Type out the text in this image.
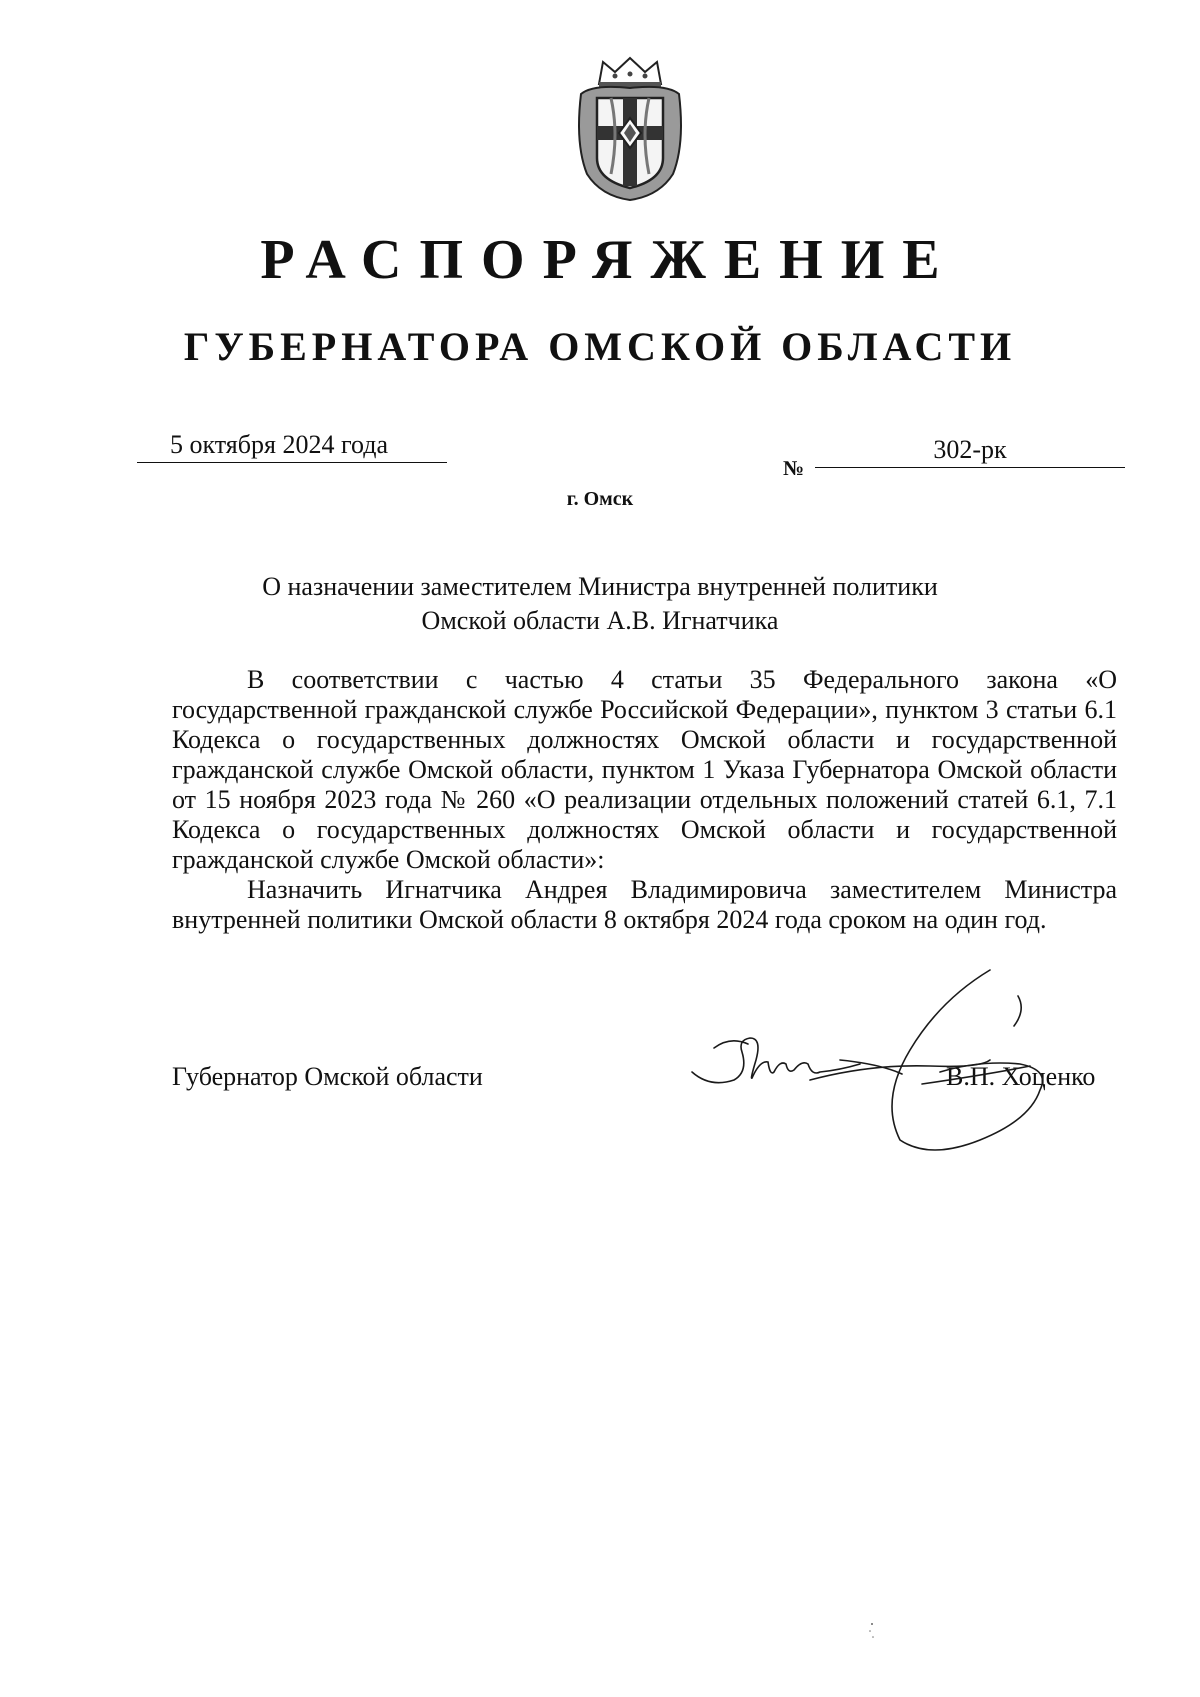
РАСПОРЯЖЕНИЕ
ГУБЕРНАТОРА ОМСКОЙ ОБЛАСТИ
5 октября 2024 года
№
302-рк
г. Омск
О назначении заместителем Министра внутренней политики
Омской области А.В. Игнатчика

В соответствии с частью 4 статьи 35 Федерального закона «О государственной гражданской службе Российской Федерации», пунктом 3 статьи 6.1 Кодекса о государственных должностях Омской области и государственной гражданской службе Омской области, пунктом 1 Указа Губернатора Омской области от 15 ноября 2023 года № 260 «О реализации отдельных положений статей 6.1, 7.1 Кодекса о государственных должностях Омской области и государственной гражданской службе Омской области»:

Назначить Игнатчика Андрея Владимировича заместителем Министра внутренней политики Омской области 8 октября 2024 года сроком на один год.

Губернатор Омской области	В.П. Хоценко
